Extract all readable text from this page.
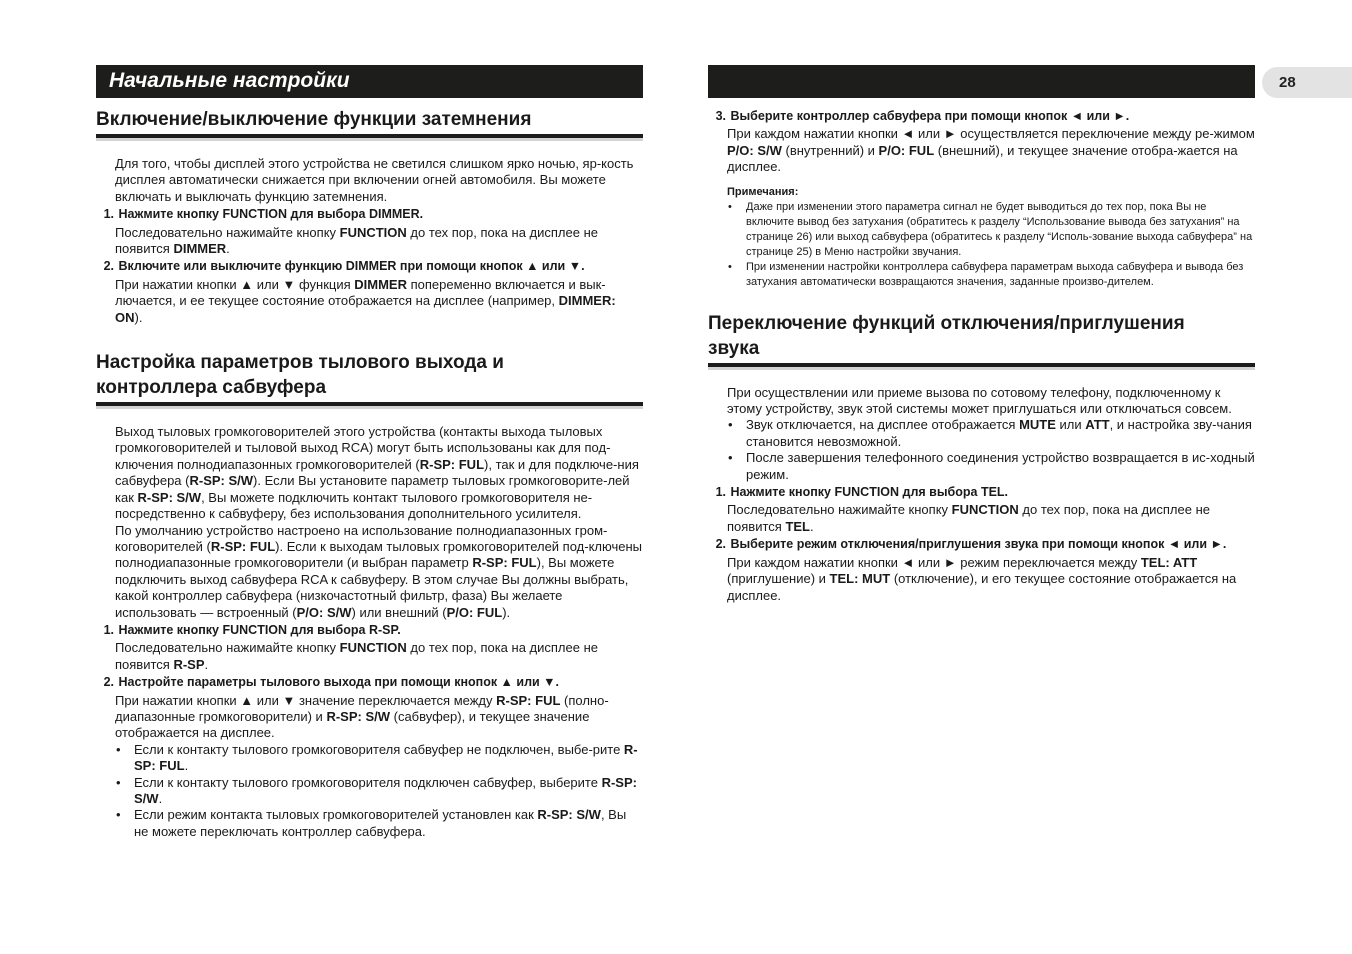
Начальные настройки
Включение/выключение функции затемнения
Для того, чтобы дисплей этого устройства не светился слишком ярко ночью, яр-кость дисплея автоматически снижается при включении огней автомобиля. Вы можете включать и выключать функцию затемнения.
1. Нажмите кнопку FUNCTION для выбора DIMMER.
Последовательно нажимайте кнопку FUNCTION до тех пор, пока на дисплее не появится DIMMER.
2. Включите или выключите функцию DIMMER при помощи кнопок ▲ или ▼.
При нажатии кнопки ▲ или ▼ функция DIMMER попеременно включается и вык-лючается, и ее текущее состояние отображается на дисплее (например, DIMMER: ON).
Настройка параметров тылового выхода и
контроллера сабвуфера
Выход тыловых громкоговорителей этого устройства (контакты выхода тыловых громкоговорителей и тыловой выход RCA) могут быть использованы как для под-ключения полнодиапазонных громкоговорителей (R-SP: FUL), так и для подключе-ния сабвуфера (R-SP: S/W). Если Вы установите параметр тыловых громкоговорите-лей как R-SP: S/W, Вы можете подключить контакт тылового громкоговорителя не-посредственно к сабвуферу, без использования дополнительного усилителя.
По умолчанию устройство настроено на использование полнодиапазонных гром-коговорителей (R-SP: FUL). Если к выходам тыловых громкоговорителей под-ключены полнодиапазонные громкоговорители (и выбран параметр R-SP: FUL), Вы можете подключить выход сабвуфера RCA к сабвуферу. В этом случае Вы должны выбрать, какой контроллер сабвуфера (низкочастотный фильтр, фаза) Вы желаете использовать — встроенный (P/O: S/W) или внешний (P/O: FUL).
1. Нажмите кнопку FUNCTION для выбора R-SP.
Последовательно нажимайте кнопку FUNCTION до тех пор, пока на дисплее не появится R-SP.
2. Настройте параметры тылового выхода при помощи кнопок ▲ или ▼.
При нажатии кнопки ▲ или ▼ значение переключается между R-SP: FUL (полно-диапазонные громкоговорители) и R-SP: S/W (сабвуфер), и текущее значение отображается на дисплее.
• Если к контакту тылового громкоговорителя сабвуфер не подключен, выбе-рите R-SP: FUL.
• Если к контакту тылового громкоговорителя подключен сабвуфер, выберите R-SP: S/W.
• Если режим контакта тыловых громкоговорителей установлен как R-SP: S/W, Вы не можете переключать контроллер сабвуфера.
28
3. Выберите контроллер сабвуфера при помощи кнопок ◄ или ►.
При каждом нажатии кнопки ◄ или ► осуществляется переключение между ре-жимом P/O: S/W (внутренний) и P/O: FUL (внешний), и текущее значение отобра-жается на дисплее.
Примечания:
• Даже при изменении этого параметра сигнал не будет выводиться до тех пор, пока Вы не включите вывод без затухания (обратитесь к разделу “Использование вывода без затухания” на странице 26) или выход сабвуфера (обратитесь к разделу “Исполь-зование выхода сабвуфера” на странице 25) в Меню настройки звучания.
• При изменении настройки контроллера сабвуфера параметрам выхода сабвуфера и вывода без затухания автоматически возвращаются значения, заданные произво-дителем.
Переключение функций отключения/приглушения
звука
При осуществлении или приеме вызова по сотовому телефону, подключенному к этому устройству, звук этой системы может приглушаться или отключаться совсем.
• Звук отключается, на дисплее отображается MUTE или ATT, и настройка зву-чания становится невозможной.
• После завершения телефонного соединения устройство возвращается в ис-ходный режим.
1. Нажмите кнопку FUNCTION для выбора TEL.
Последовательно нажимайте кнопку FUNCTION до тех пор, пока на дисплее не появится TEL.
2. Выберите режим отключения/приглушения звука при помощи кнопок ◄ или ►.
При каждом нажатии кнопки ◄ или ► режим переключается между TEL: ATT (приглушение) и TEL: MUT (отключение), и его текущее состояние отображается на дисплее.
